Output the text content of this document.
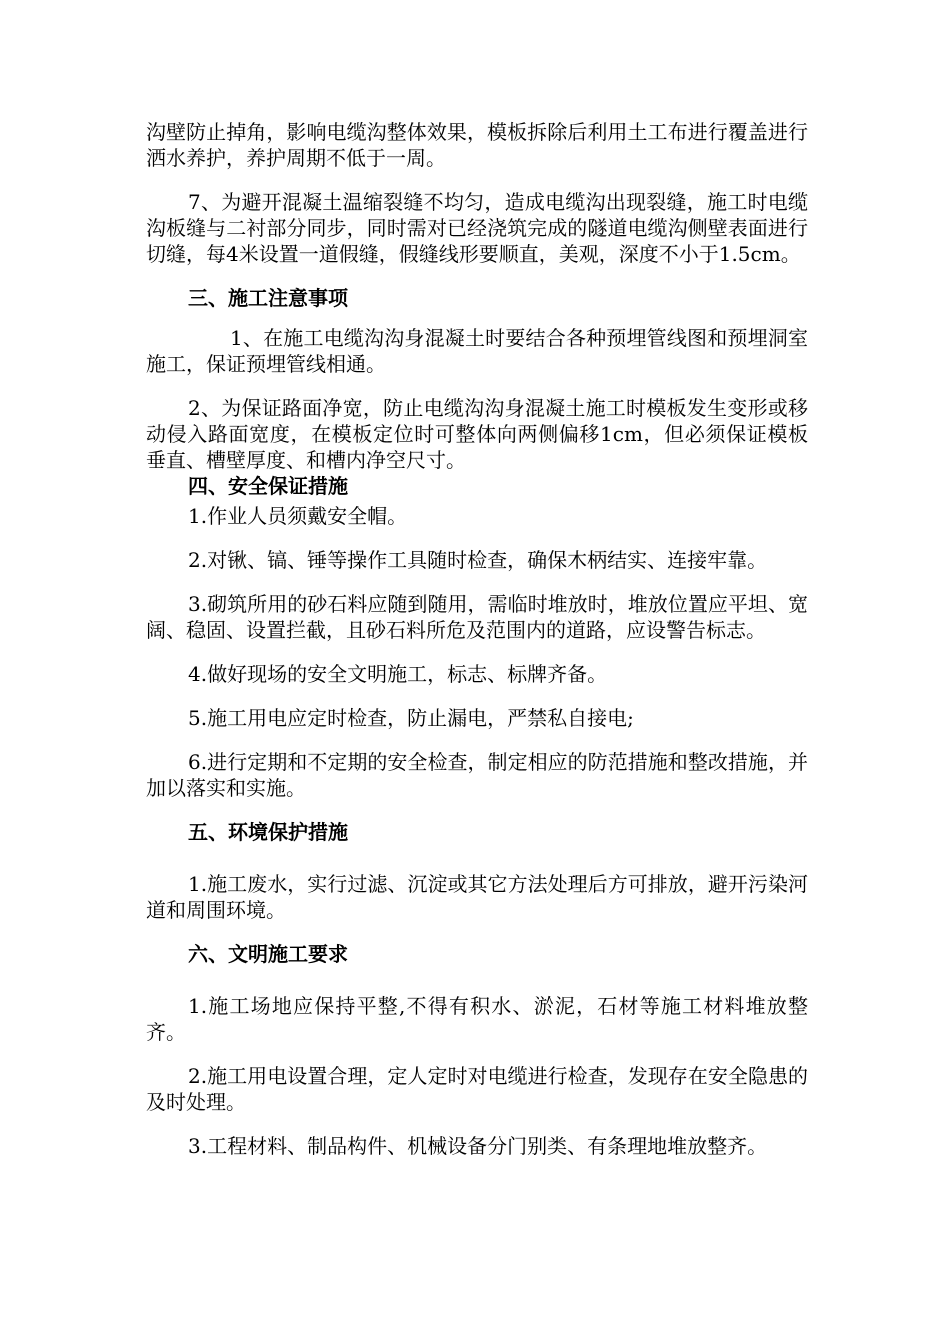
沟壁防止掉角，影响电缆沟整体效果，模板拆除后利用土工布进行覆盖进行洒水养护，养护周期不低于一周。

7、为避开混凝土温缩裂缝不均匀，造成电缆沟出现裂缝，施工时电缆沟板缝与二衬部分同步，同时需对已经浇筑完成的隧道电缆沟侧壁表面进行切缝，每4米设置一道假缝，假缝线形要顺直，美观，深度不小于1.5cm。

三、施工注意事项

1、在施工电缆沟沟身混凝土时要结合各种预埋管线图和预埋洞室施工，保证预埋管线相通。

2、为保证路面净宽，防止电缆沟沟身混凝土施工时模板发生变形或移动侵入路面宽度，在模板定位时可整体向两侧偏移1cm，但必须保证模板垂直、槽壁厚度、和槽内净空尺寸。

四、安全保证措施

1.作业人员须戴安全帽。

2.对锹、镐、锤等操作工具随时检查，确保木柄结实、连接牢靠。

3.砌筑所用的砂石料应随到随用，需临时堆放时，堆放位置应平坦、宽阔、稳固、设置拦截，且砂石料所危及范围内的道路，应设警告标志。

4.做好现场的安全文明施工，标志、标牌齐备。

5.施工用电应定时检查，防止漏电，严禁私自接电;

6.进行定期和不定期的安全检查，制定相应的防范措施和整改措施，并加以落实和实施。

五、环境保护措施

1.施工废水，实行过滤、沉淀或其它方法处理后方可排放，避开污染河道和周围环境。

六、文明施工要求

1.施工场地应保持平整,不得有积水、淤泥，石材等施工材料堆放整齐。

2.施工用电设置合理，定人定时对电缆进行检查，发现存在安全隐患的及时处理。

3.工程材料、制品构件、机械设备分门别类、有条理地堆放整齐。
